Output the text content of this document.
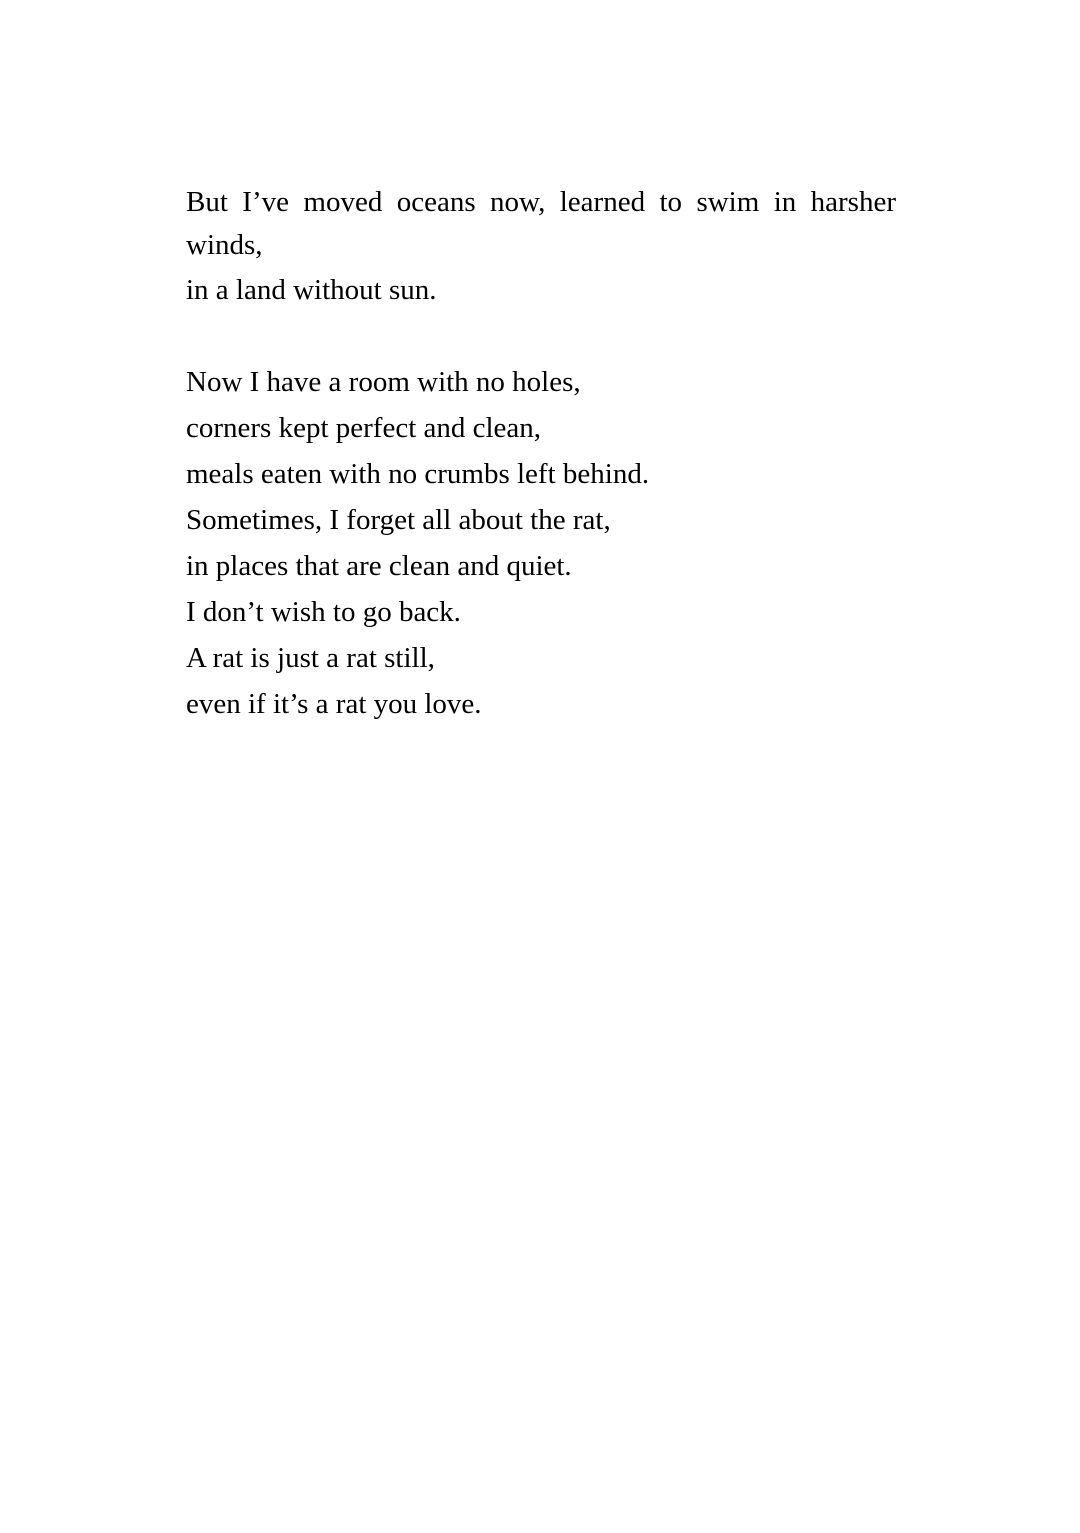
But I’ve moved oceans now, learned to swim in harsher
winds,
in a land without sun.

Now I have a room with no holes,
corners kept perfect and clean,
meals eaten with no crumbs left behind.
Sometimes, I forget all about the rat,
in places that are clean and quiet.
I don’t wish to go back.
A rat is just a rat still,
even if it’s a rat you love.
